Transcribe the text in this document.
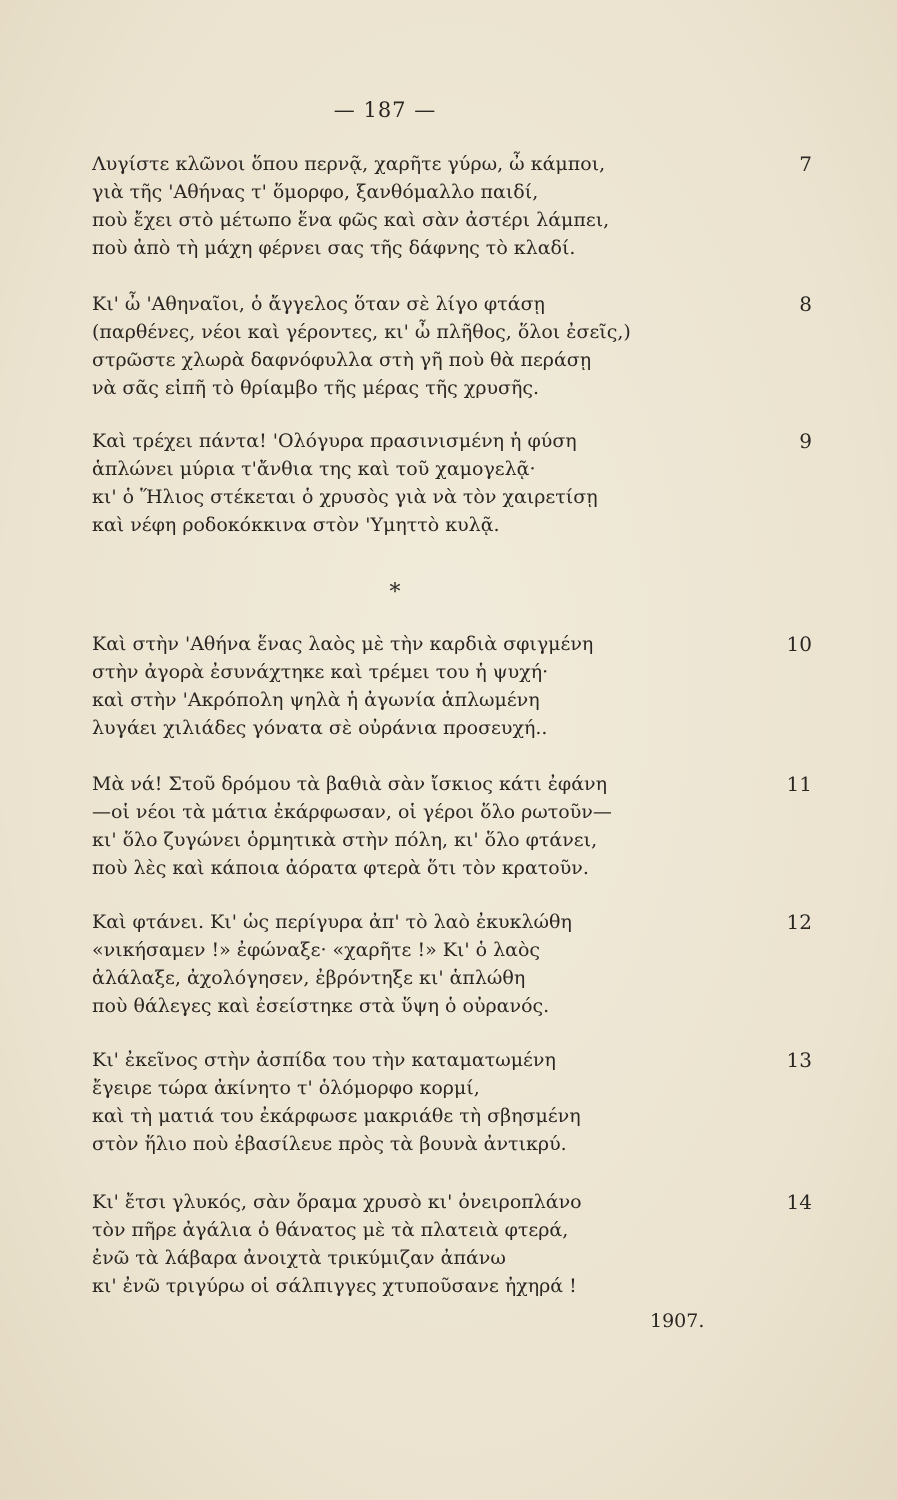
— 187 —
Λυγίστε κλῶνοι ὅπου περνᾷ, χαρῆτε γύρω, ὦ κάμποι,
γιὰ τῆς 'Αθήνας τ' ὅμορφο, ξανθόμαλλο παιδί,
ποὺ ἔχει στὸ μέτωπο ἕνα φῶς καὶ σὰν ἀστέρι λάμπει,
ποὺ ἀπὸ τὴ μάχη φέρνει σας τῆς δάφνης τὸ κλαδί.
7
Κι' ὦ 'Αθηναῖοι, ὁ ἄγγελος ὅταν σὲ λίγο φτάσῃ
(παρθένες, νέοι καὶ γέροντες, κι' ὦ πλῆθος, ὅλοι ἐσεῖς,)
στρῶστε χλωρὰ δαφνόφυλλα στὴ γῆ ποὺ θὰ περάσῃ
νὰ σᾶς εἰπῆ τὸ θρίαμβο τῆς μέρας τῆς χρυσῆς.
8
Καὶ τρέχει πάντα! 'Ολόγυρα πρασινισμένη ἡ φύση
ἁπλώνει μύρια τ'ἄνθια της καὶ τοῦ χαμογελᾷ·
κι' ὁ Ἥλιος στέκεται ὁ χρυσὸς γιὰ νὰ τὸν χαιρετίσῃ
καὶ νέφη ροδοκόκκινα στὸν 'Υμηττὸ κυλᾷ.
9
*
Καὶ στὴν 'Αθήνα ἕνας λαὸς μὲ τὴν καρδιὰ σφιγμένη
στὴν ἀγορὰ ἐσυνάχτηκε καὶ τρέμει του ἡ ψυχή·
καὶ στὴν 'Ακρόπολη ψηλὰ ἡ ἀγωνία ἁπλωμένη
λυγάει χιλιάδες γόνατα σὲ οὐράνια προσευχή..
10
Μὰ νά! Στοῦ δρόμου τὰ βαθιὰ σὰν ἴσκιος κάτι ἐφάνη
—οἱ νέοι τὰ μάτια ἐκάρφωσαν, οἱ γέροι ὅλο ρωτοῦν—
κι' ὅλο ζυγώνει ὁρμητικὰ στὴν πόλη, κι' ὅλο φτάνει,
ποὺ λὲς καὶ κάποια ἀόρατα φτερὰ ὅτι τὸν κρατοῦν.
11
Καὶ φτάνει. Κι' ὡς περίγυρα ἀπ' τὸ λαὸ ἐκυκλώθη
«νικήσαμεν !» ἐφώναξε· «χαρῆτε !» Κι' ὁ λαὸς
ἀλάλαξε, ἀχολόγησεν, ἐβρόντηξε κι' ἁπλώθη
ποὺ θάλεγες καὶ ἐσείστηκε στὰ ὕψη ὁ οὐρανός.
12
Κι' ἐκεῖνος στὴν ἀσπίδα του τὴν καταματωμένη
ἔγειρε τώρα ἀκίνητο τ' ὁλόμορφο κορμί,
καὶ τὴ ματιά του ἐκάρφωσε μακριάθε τὴ σβησμένη
στὸν ἥλιο ποὺ ἐβασίλευε πρὸς τὰ βουνὰ ἀντικρύ.
13
Κι' ἔτσι γλυκός, σὰν ὅραμα χρυσὸ κι' ὀνειροπλάνο
τὸν πῆρε ἀγάλια ὁ θάνατος μὲ τὰ πλατειὰ φτερά,
ἐνῶ τὰ λάβαρα ἀνοιχτὰ τρικύμιζαν ἀπάνω
κι' ἐνῶ τριγύρω οἱ σάλπιγγες χτυποῦσανε ἠχηρά !
14
1907.
